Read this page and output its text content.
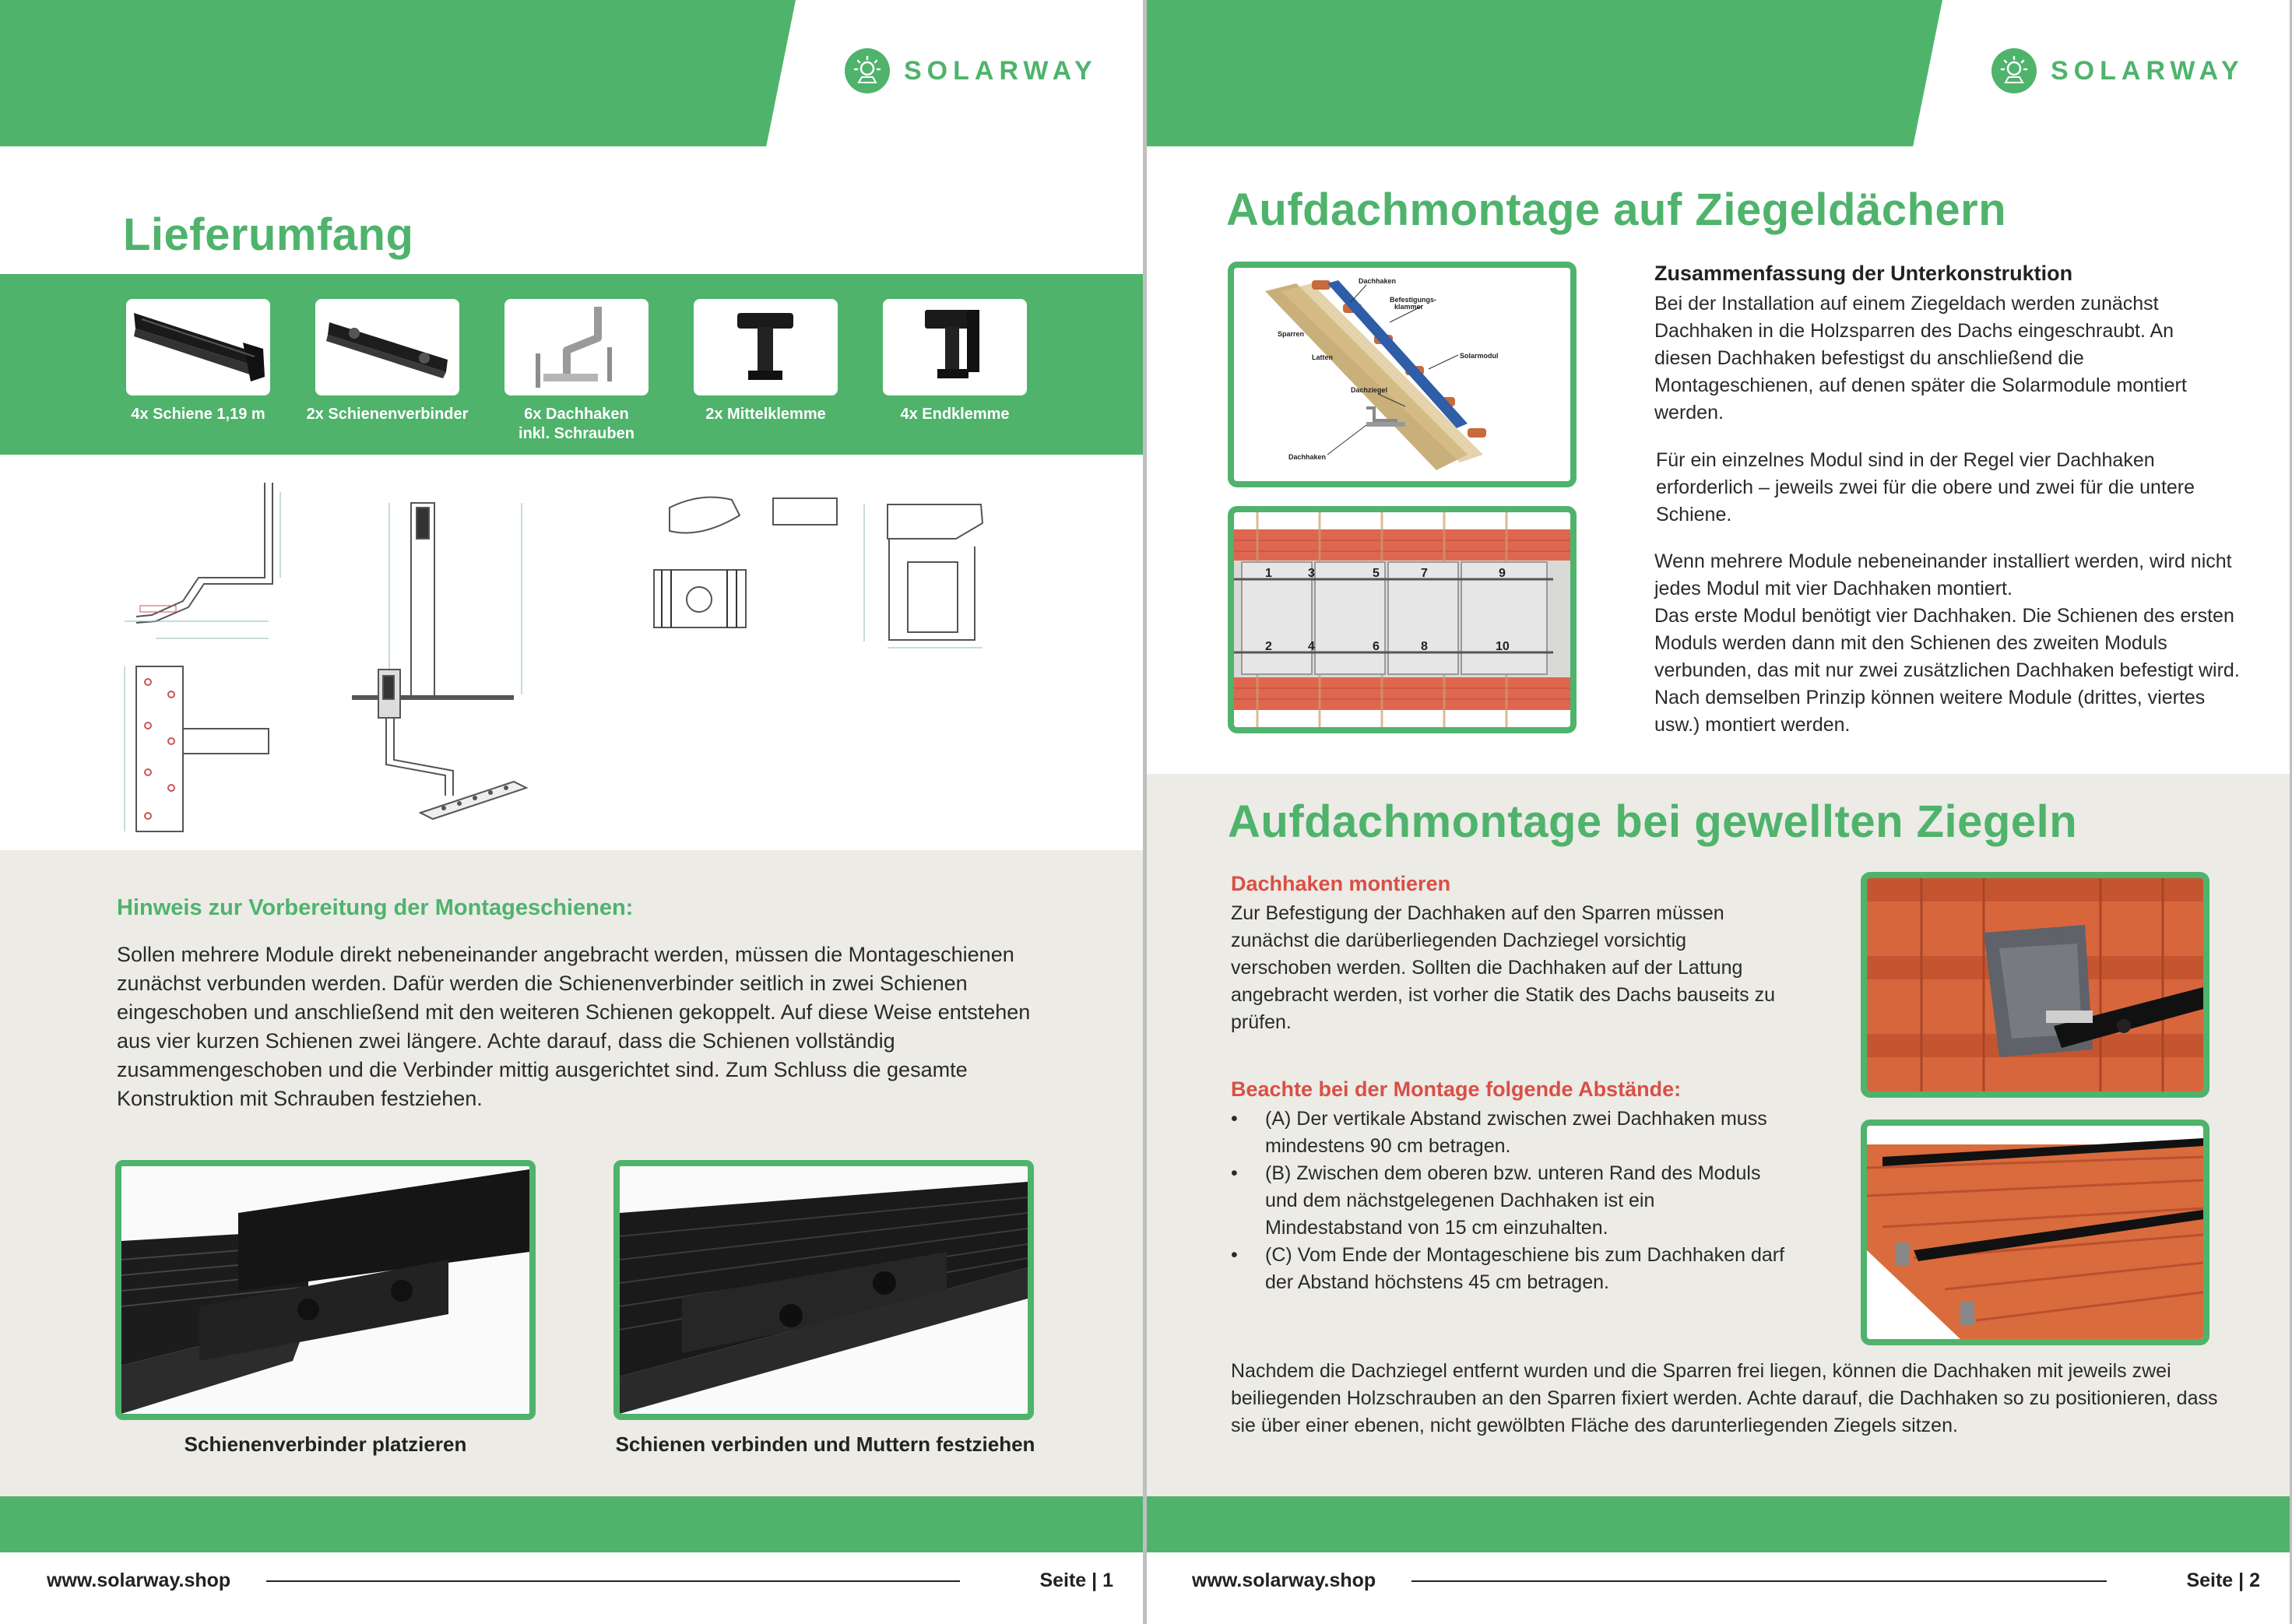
SOLARWAY
Lieferumfang
4x Schiene 1,19 m	2x Schienenverbinder	6x Dachhaken
inkl. Schrauben
2x Mittelklemme	4x Endklemme
Hinweis zur Vorbereitung der Montageschienen:
Sollen mehrere Module direkt nebeneinander angebracht werden, müssen die Montageschienen zunächst verbunden werden. Dafür werden die Schienenverbinder seitlich in zwei Schienen eingeschoben und anschließend mit den weiteren Schienen gekoppelt. Auf diese Weise entstehen aus vier kurzen Schienen zwei längere. Achte darauf, dass die Schienen vollständig zusammengeschoben und die Verbinder mittig ausgerichtet sind. Zum Schluss die gesamte Konstruktion mit Schrauben festziehen.
Schienenverbinder platzieren	Schienen verbinden und Muttern festziehen
www.solarway.shop	Seite | 1
SOLARWAY
Aufdachmontage auf Ziegeldächern
Dachhaken
Befestigungs-
klammer
Sparren
Latten	Solarmodul
Dachziegel
Dachhaken
1	3	5	7	9
2	4	6	8	10
Zusammenfassung der Unterkonstruktion
Bei der Installation auf einem Ziegeldach werden zunächst Dachhaken in die Holzsparren des Dachs eingeschraubt. An diesen Dachhaken befestigst du anschließend die Montageschienen, auf denen später die Solarmodule montiert werden.
Für ein einzelnes Modul sind in der Regel vier Dachhaken erforderlich – jeweils zwei für die obere und zwei für die untere Schiene.
Wenn mehrere Module nebeneinander installiert werden, wird nicht jedes Modul mit vier Dachhaken montiert.
Das erste Modul benötigt vier Dachhaken. Die Schienen des ersten Moduls werden dann mit den Schienen des zweiten Moduls verbunden, das mit nur zwei zusätzlichen Dachhaken befestigt wird. Nach demselben Prinzip können weitere Module (drittes, viertes usw.) montiert werden.
Aufdachmontage bei gewellten Ziegeln
Dachhaken montieren
Zur Befestigung der Dachhaken auf den Sparren müssen zunächst die darüberliegenden Dachziegel vorsichtig verschoben werden. Sollten die Dachhaken auf der Lattung angebracht werden, ist vorher die Statik des Dachs bauseits zu prüfen.
Beachte bei der Montage folgende Abstände:
• (A) Der vertikale Abstand zwischen zwei Dachhaken muss mindestens 90 cm betragen.
• (B) Zwischen dem oberen bzw. unteren Rand des Moduls und dem nächstgelegenen Dachhaken ist ein Mindestabstand von 15 cm einzuhalten.
• (C) Vom Ende der Montageschiene bis zum Dachhaken darf der Abstand höchstens 45 cm betragen.
Nachdem die Dachziegel entfernt wurden und die Sparren frei liegen, können die Dachhaken mit jeweils zwei beiliegenden Holzschrauben an den Sparren fixiert werden. Achte darauf, die Dachhaken so zu positionieren, dass sie über einer ebenen, nicht gewölbten Fläche des darunterliegenden Ziegels sitzen.
www.solarway.shop	Seite | 2
